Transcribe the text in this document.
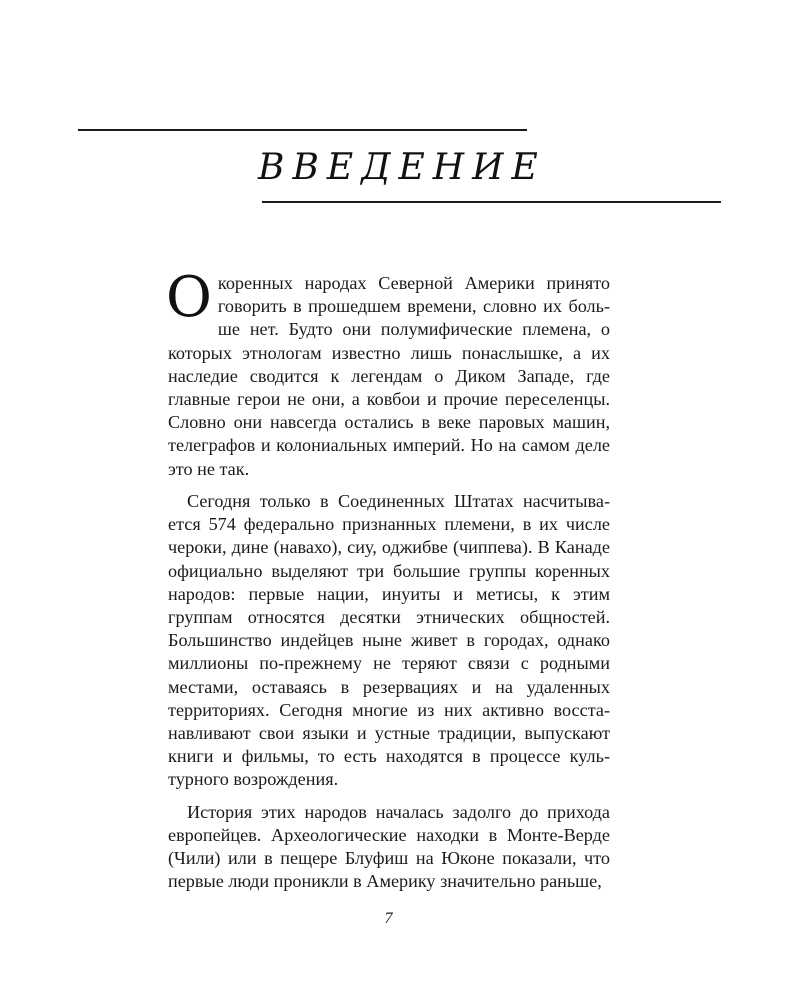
ВВЕДЕНИЕ

О коренных народах Северной Америки принято говорить в прошедшем времени, словно их больше нет. Будто они полумифические племена, о которых этнологам известно лишь понаслышке, а их наследие сводится к легендам о Диком Западе, где главные герои не они, а ковбои и прочие переселенцы. Словно они навсегда остались в веке паровых машин, телеграфов и колониальных империй. Но на самом деле это не так.

Сегодня только в Соединенных Штатах насчитывается 574 федерально признанных племени, в их числе чероки, дине (навахо), сиу, оджибве (чиппева). В Канаде официально выделяют три большие группы коренных народов: первые нации, инуиты и метисы, к этим группам относятся десятки этнических общностей. Большинство индейцев ныне живет в городах, однако миллионы по-прежнему не теряют связи с родными местами, оставаясь в резервациях и на удаленных территориях. Сегодня многие из них активно восстанавливают свои языки и устные традиции, выпускают книги и фильмы, то есть находятся в процессе культурного возрождения.

История этих народов началась задолго до прихода европейцев. Археологические находки в Монте-Верде (Чили) или в пещере Блуфиш на Юконе показали, что первые люди проникли в Америку значительно раньше,

7
